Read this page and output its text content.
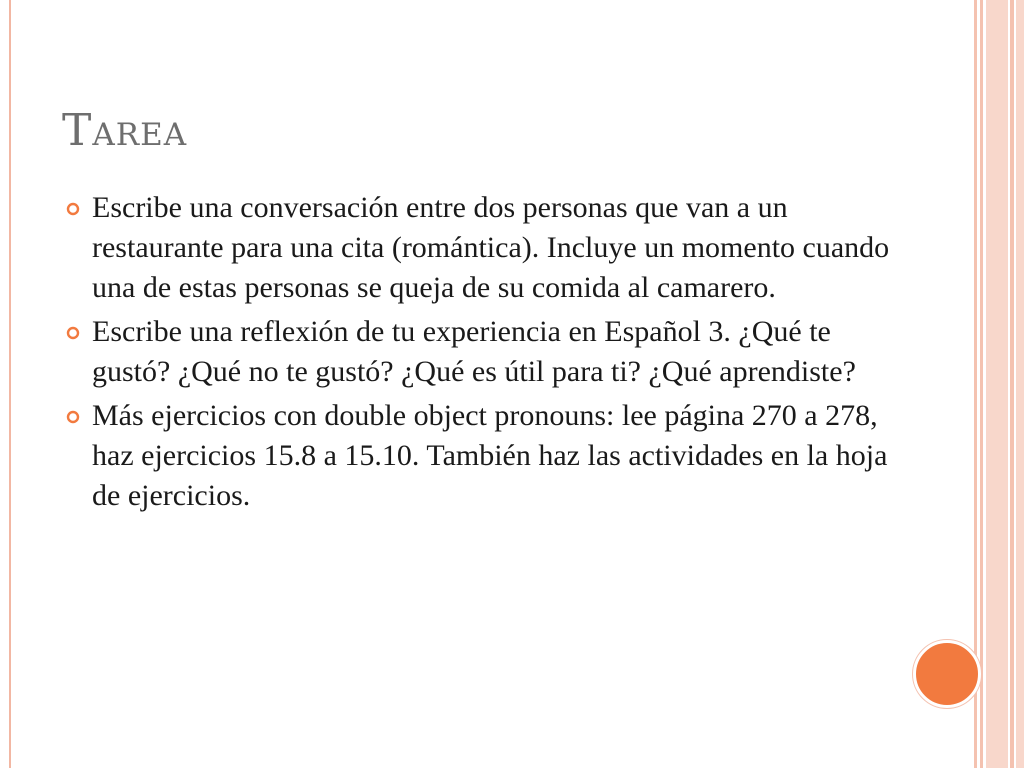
Tarea
Escribe una conversación entre dos personas que van a un restaurante para una cita (romántica). Incluye un momento cuando una de estas personas se queja de su comida al camarero.
Escribe una reflexión de tu experiencia en Español 3. ¿Qué te gustó? ¿Qué no te gustó? ¿Qué es útil para ti? ¿Qué aprendiste?
Más ejercicios con double object pronouns: lee página 270 a 278, haz ejercicios 15.8 a 15.10. También haz las actividades en la hoja de ejercicios.
